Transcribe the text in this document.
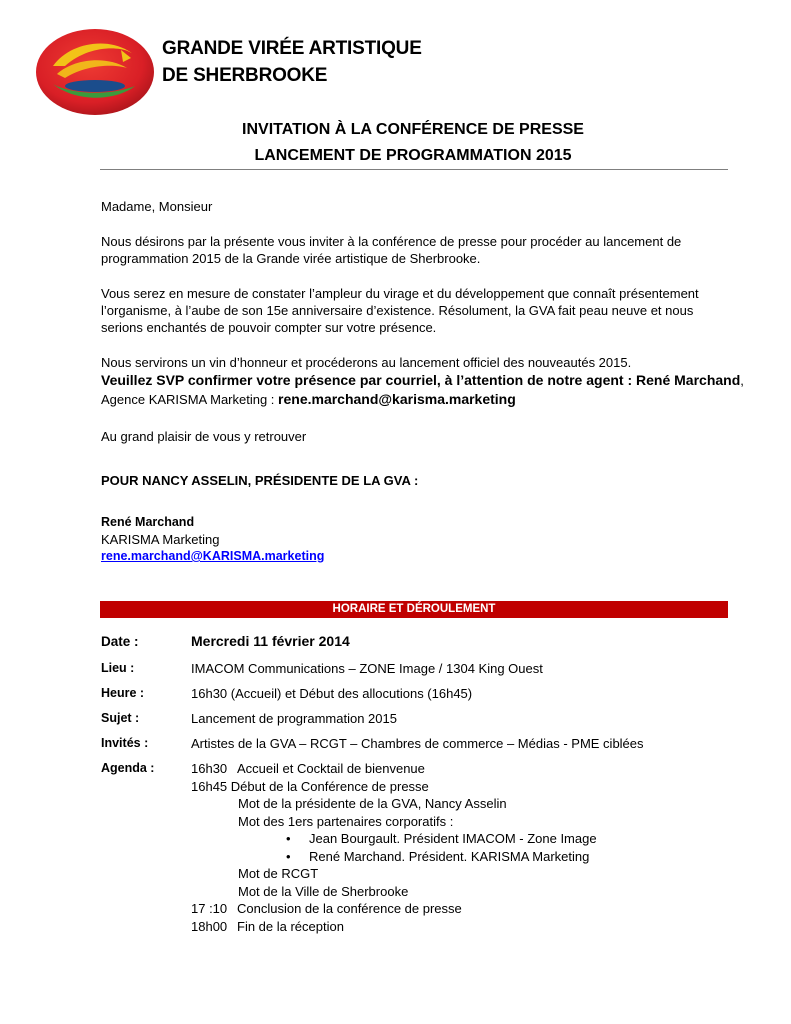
GRANDE VIRÉE ARTISTIQUE
DE SHERBROOKE
INVITATION À LA CONFÉRENCE DE PRESSE
LANCEMENT DE PROGRAMMATION 2015
Madame, Monsieur
Nous désirons par la présente vous inviter à la conférence de presse pour procéder au lancement de
programmation 2015 de la Grande virée artistique de Sherbrooke.
Vous serez en mesure de constater l’ampleur du virage et du développement que connaît présentement
l’organisme, à l’aube de son 15e anniversaire d’existence. Résolument, la GVA fait peau neuve et nous
serions enchantés de pouvoir compter sur votre présence.
Nous servirons un vin d’honneur et procéderons au lancement officiel des nouveautés 2015.
Veuillez SVP confirmer votre présence par courriel, à l’attention de notre agent : René Marchand,
Agence KARISMA Marketing : rene.marchand@karisma.marketing
Au grand plaisir de vous y retrouver
POUR NANCY ASSELIN, PRÉSIDENTE DE LA GVA :
René Marchand
KARISMA Marketing
rene.marchand@KARISMA.marketing
HORAIRE ET DÉROULEMENT
Date :	Mercredi 11 février 2014
Lieu :	IMACOM Communications – ZONE Image / 1304 King Ouest
Heure :	16h30 (Accueil) et Début des allocutions (16h45)
Sujet :	Lancement de programmation 2015
Invités :	Artistes de la GVA – RCGT – Chambres de commerce – Médias - PME ciblées
Agenda :	16h30 Accueil et Cocktail de bienvenue
16h45 Début de la Conférence de presse
Mot de la présidente de la GVA, Nancy Asselin
Mot des 1ers partenaires corporatifs :
• Jean Bourgault. Président IMACOM - Zone Image
• René Marchand. Président. KARISMA Marketing
Mot de RCGT
Mot de la Ville de Sherbrooke
17 :10 Conclusion de la conférence de presse
18h00 Fin de la réception
